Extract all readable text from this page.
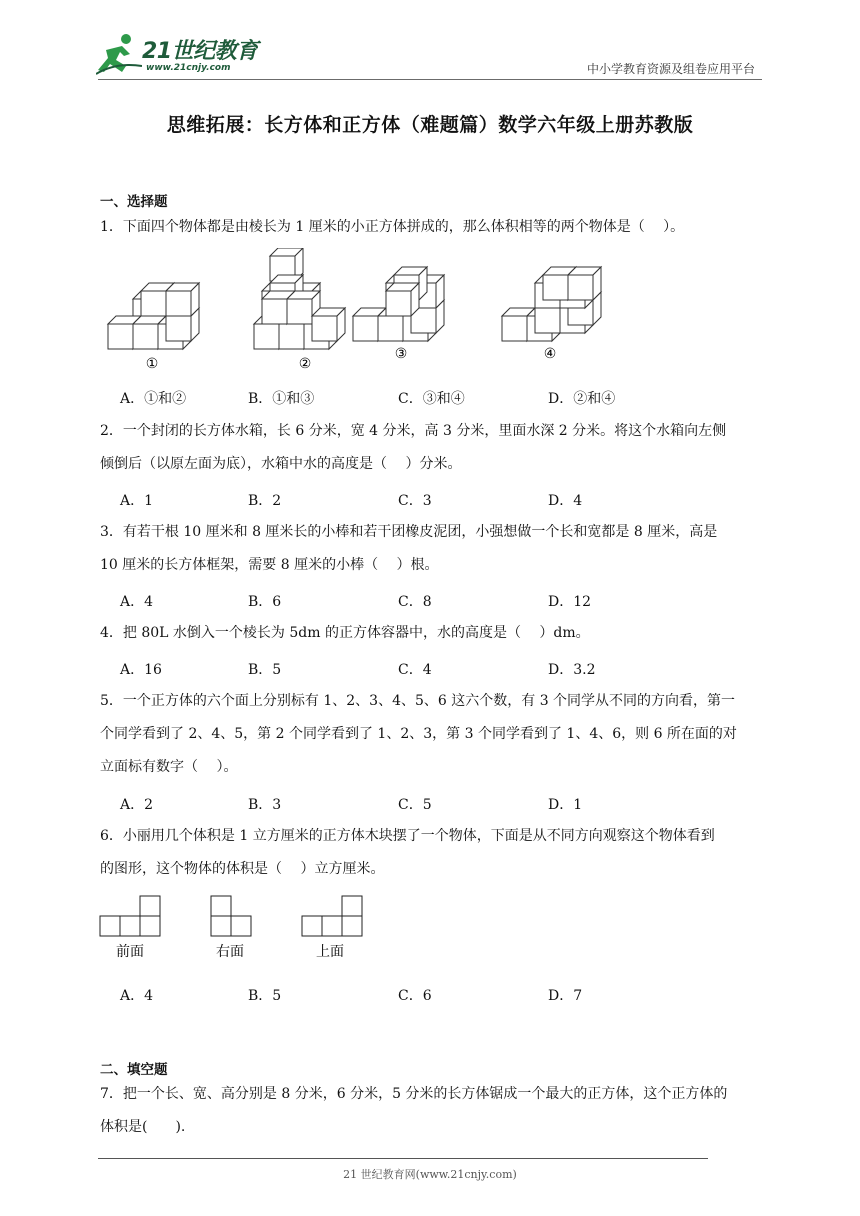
21世纪教育
www.21cnjy.com	中小学教育资源及组卷应用平台
思维拓展：长方体和正方体（难题篇）数学六年级上册苏教版
一、选择题
1．下面四个物体都是由棱长为 1 厘米的小正方体拼成的，那么体积相等的两个物体是（　 ）。
①	②
③	④
A．①和②	B．①和③	C．③和④	D．②和④
2．一个封闭的长方体水箱，长 6 分米，宽 4 分米，高 3 分米，里面水深 2 分米。将这个水箱向左侧
倾倒后（以原左面为底），水箱中水的高度是（　 ）分米。
A．1	B．2	C．3	D．4
3．有若干根 10 厘米和 8 厘米长的小棒和若干团橡皮泥团，小强想做一个长和宽都是 8 厘米，高是
10 厘米的长方体框架，需要 8 厘米的小棒（　 ）根。
A．4	B．6	C．8	D．12
4．把 80L 水倒入一个棱长为 5dm 的正方体容器中，水的高度是（　 ）dm。
A．16	B．5	C．4	D．3.2
5．一个正方体的六个面上分别标有 1、2、3、4、5、6 这六个数，有 3 个同学从不同的方向看，第一
个同学看到了 2、4、5，第 2 个同学看到了 1、2、3，第 3 个同学看到了 1、4、6，则 6 所在面的对
立面标有数字（　 ）。
A．2	B．3	C．5	D．1
6．小丽用几个体积是 1 立方厘米的正方体木块摆了一个物体，下面是从不同方向观察这个物体看到
的图形，这个物体的体积是（　 ）立方厘米。
前面	右面	上面
A．4	B．5	C．6	D．7
二、填空题
7．把一个长、宽、高分别是 8 分米，6 分米，5 分米的长方体锯成一个最大的正方体，这个正方体的
体积是(　　).
21 世纪教育网(www.21cnjy.com)
